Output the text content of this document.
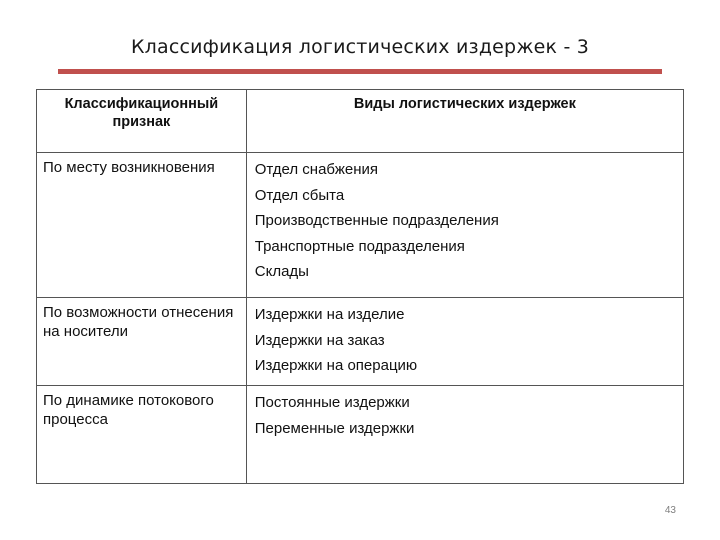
Классификация логистических издержек - 3
Классификационный признак	Виды логистических издержек
По месту возникновения	Отдел снабжения
Отдел сбыта
Производственные подразделения
Транспортные подразделения
Склады

По возможности отнесения на носители	Издержки на изделие
Издержки на заказ
Издержки на операцию

По динамике потокового процесса	Постоянные издержки
Переменные издержки
43
